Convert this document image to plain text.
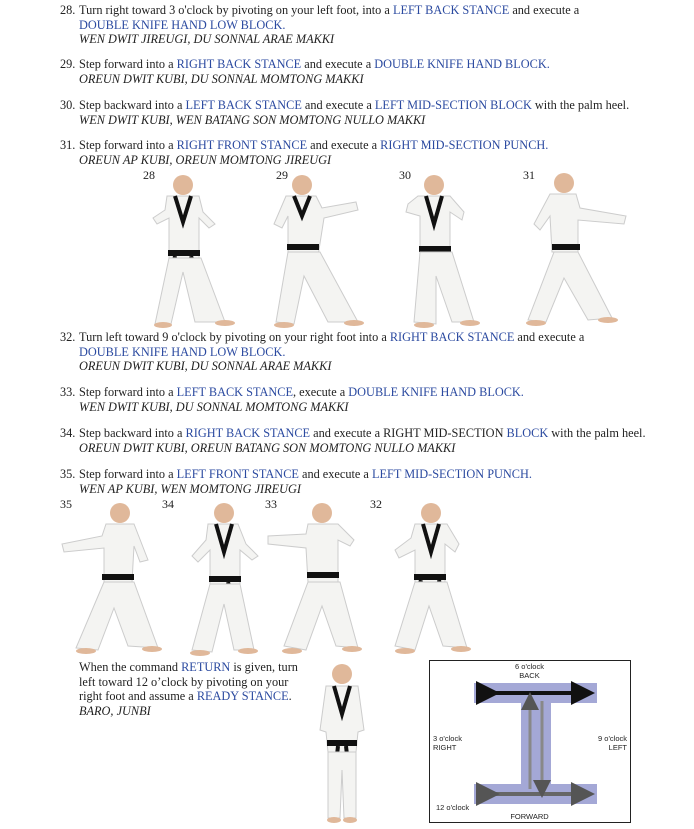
28. Turn right toward 3 o'clock by pivoting on your left foot, into a LEFT BACK STANCE and execute a
DOUBLE KNIFE HAND LOW BLOCK.
WEN DWIT JIREUGI, DU SONNAL ARAE MAKKI
29. Step forward into a RIGHT BACK STANCE and execute a DOUBLE KNIFE HAND BLOCK.
OREUN DWIT KUBI, DU SONNAL MOMTONG MAKKI
30. Step backward into a LEFT BACK STANCE and execute a LEFT MID-SECTION BLOCK with the palm heel.
WEN DWIT KUBI, WEN BATANG SON MOMTONG NULLO MAKKI
31. Step forward into a RIGHT FRONT STANCE and execute a RIGHT MID-SECTION PUNCH.
OREUN AP KUBI, OREUN MOMTONG JIREUGI
28	29	30	31
32. Turn left toward 9 o'clock by pivoting on your right foot into a RIGHT BACK STANCE and execute a
DOUBLE KNIFE HAND LOW BLOCK.
OREUN DWIT KUBI, DU SONNAL ARAE MAKKI
33. Step forward into a LEFT BACK STANCE, execute a DOUBLE KNIFE HAND BLOCK.
WEN DWIT KUBI, DU SONNAL MOMTONG MAKKI
34. Step backward into a RIGHT BACK STANCE and execute a RIGHT MID-SECTION BLOCK with the palm heel.
OREUN DWIT KUBI, OREUN BATANG SON MOMTONG NULLO MAKKI
35. Step forward into a LEFT FRONT STANCE and execute a LEFT MID-SECTION PUNCH.
WEN AP KUBI, WEN MOMTONG JIREUGI
35	34	33	32
When the command RETURN is given, turn left toward 12 o’clock by pivoting on your right foot and assume a READY STANCE.
BARO, JUNBI
6 o'clock
BACK
3 o'clock
RIGHT
9 o'clock
LEFT
12 o'clock
FORWARD
